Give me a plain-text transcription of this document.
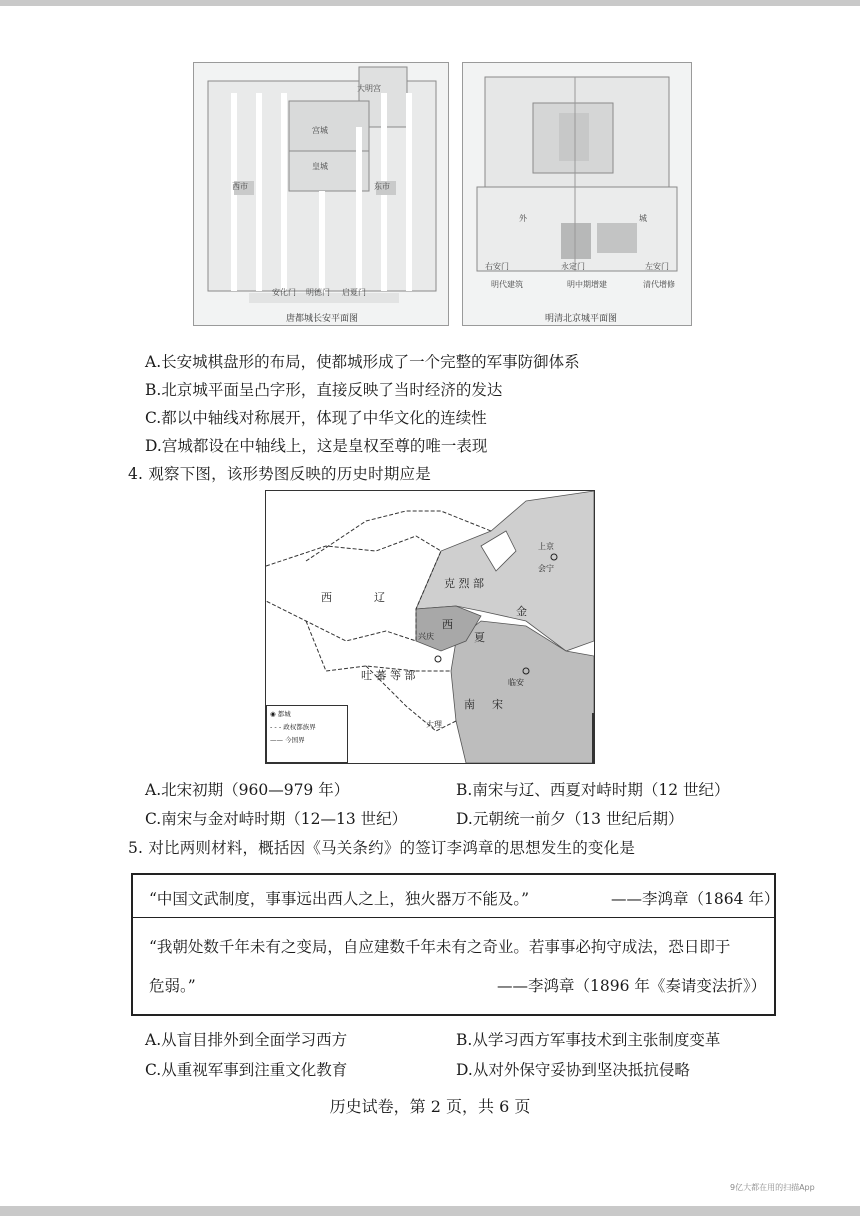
大明宫
宫城
皇城
西市	东市
安化门 明德门 启夏门
唐都城长安平面图
外	城
右安门	永定门	左安门
明代建筑	明中期增建	清代增修
明清北京城平面图
A.长安城棋盘形的布局，使都城形成了一个完整的军事防御体系
B.北京城平面呈凸字形，直接反映了当时经济的发达
C.都以中轴线对称展开，体现了中华文化的连续性
D.宫城都设在中轴线上，这是皇权至尊的唯一表现
4. 观察下图，该形势图反映的历史时期应是
西	辽
克 烈 部
金
上京
会宁
西
夏
兴庆
吐 蕃 等 部
临安
南 宋
大理
◉ 都城
- - - 政权都族界
—— 今国界
A.北宋初期（960—979 年）	B.南宋与辽、西夏对峙时期（12 世纪）
C.南宋与金对峙时期（12—13 世纪）	D.元朝统一前夕（13 世纪后期）
5. 对比两则材料，概括因《马关条约》的签订李鸿章的思想发生的变化是
“中国文武制度，事事远出西人之上，独火器万不能及。”	——李鸿章（1864 年）
“我朝处数千年未有之变局，自应建数千年未有之奇业。若事事必拘守成法，恐日即于
危弱。”	——李鸿章（1896 年《奏请变法折》）
A.从盲目排外到全面学习西方	B.从学习西方军事技术到主张制度变革
C.从重视军事到注重文化教育	D.从对外保守妥协到坚决抵抗侵略
历史试卷，第 2 页，共 6 页
9亿大都在用的扫描App
